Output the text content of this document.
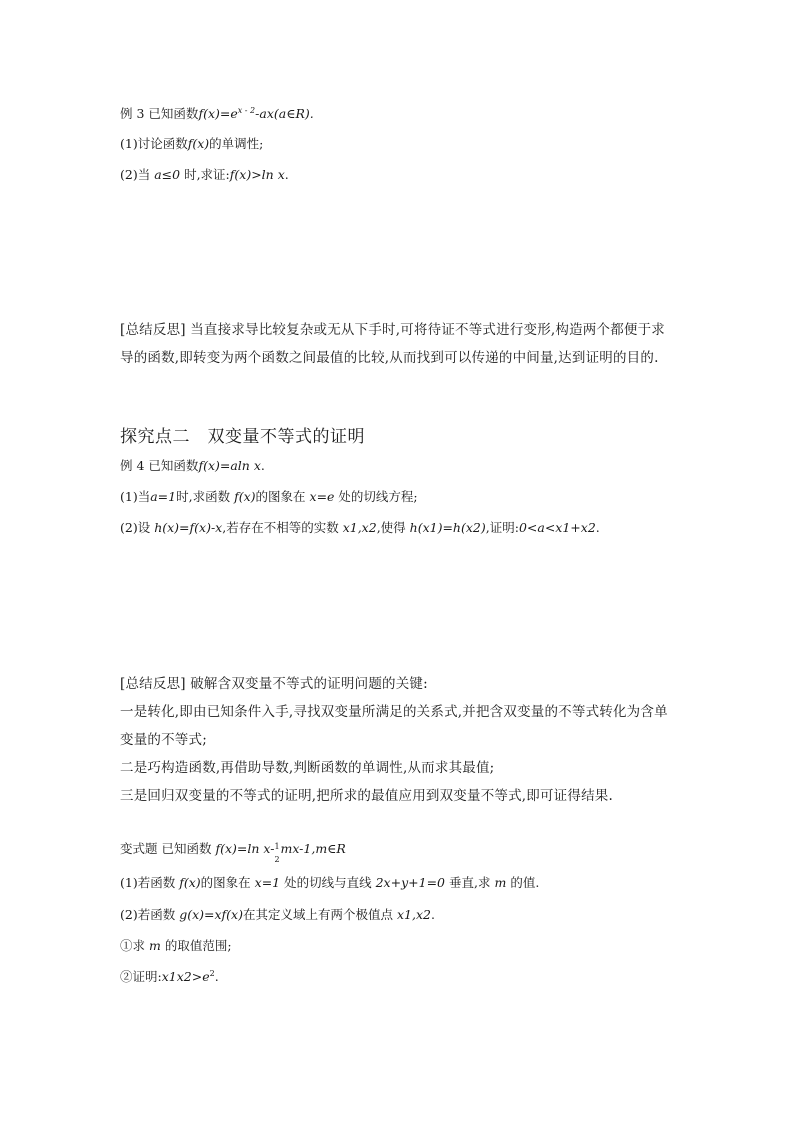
例 3 已知函数$f(x)=e^{x - 2}-ax(a\in R)$.
(1)讨论函数f(x)的单调性;
(2)当 a≤0 时,求证:f(x)>ln x.
[总结反思] 当直接求导比较复杂或无从下手时,可将待证不等式进行变形,构造两个都便于求导的函数,即转变为两个函数之间最值的比较,从而找到可以传递的中间量,达到证明的目的.
探究点二　双变量不等式的证明
例 4 已知函数f(x)=aln x.
(1)当a=1时,求函数 f(x)的图象在 x=e 处的切线方程;
(2)设 h(x)=f(x)-x,若存在不相等的实数 x1,x2,使得 h(x1)=h(x2),证明:0<a<x1+x2.
[总结反思] 破解含双变量不等式的证明问题的关键:
一是转化,即由已知条件入手,寻找双变量所满足的关系式,并把含双变量的不等式转化为含单变量的不等式;
二是巧构造函数,再借助导数,判断函数的单调性,从而求其最值;
三是回归双变量的不等式的证明,把所求的最值应用到双变量不等式,即可证得结果.
变式题 已知函数 f(x)=ln x- 1
2
mx-1,m∈R
(1)若函数 f(x)的图象在 x=1 处的切线与直线 2x+y+1=0 垂直,求 m 的值.
(2)若函数 g(x)=xf(x)在其定义域上有两个极值点 x1,x2.
①求 m 的取值范围;
②证明$:x1x2>e^2$.
